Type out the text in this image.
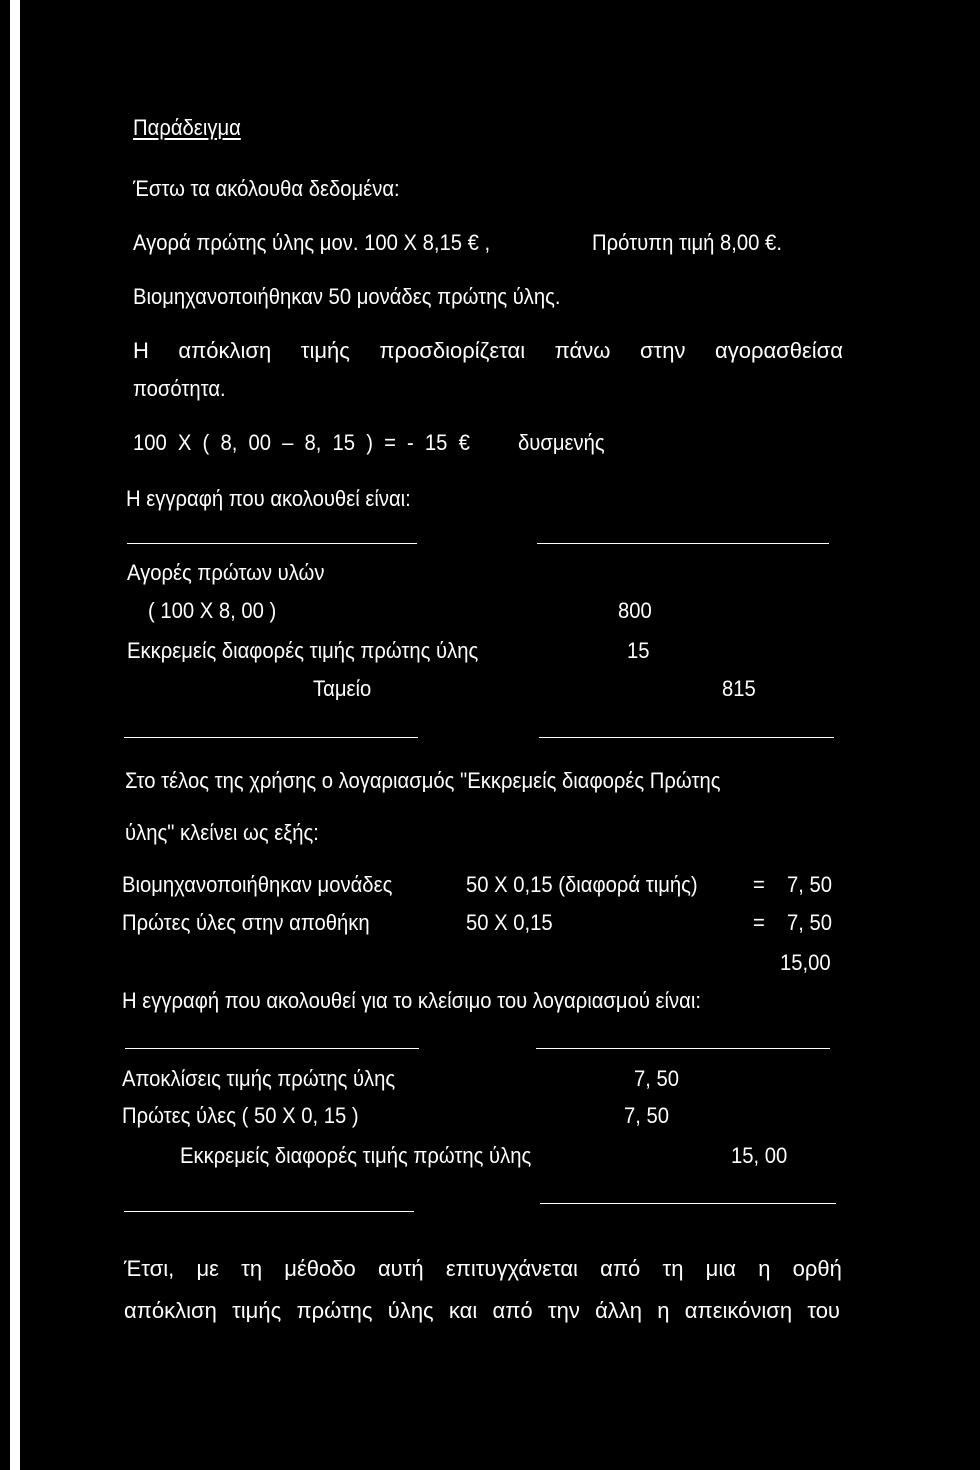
Παράδειγμα
Έστω τα ακόλουθα δεδομένα:
Αγορά πρώτης ύλης μον. 100 Χ 8,15 € ,	Πρότυπη τιμή 8,00 €.
Βιομηχανοποιήθηκαν 50 μονάδες πρώτης ύλης.
Η απόκλιση τιμής προσδιορίζεται πάνω στην αγορασθείσα
ποσότητα.
100 Χ ( 8, 00 – 8, 15 ) = - 15 € δυσμενής
Η εγγραφή που ακολουθεί είναι:
Αγορές πρώτων υλών
( 100 Χ 8, 00 )	800
Εκκρεμείς διαφορές τιμής πρώτης ύλης	15
Ταμείο	815
Στο τέλος της χρήσης ο λογαριασμός "Εκκρεμείς διαφορές Πρώτης
ύλης" κλείνει ως εξής:
Βιομηχανοποιήθηκαν μονάδες	50 Χ 0,15 (διαφορά τιμής)	= 7, 50
Πρώτες ύλες στην αποθήκη	50 Χ 0,15	= 7, 50
15,00
Η εγγραφή που ακολουθεί για το κλείσιμο του λογαριασμού είναι:
Αποκλίσεις τιμής πρώτης ύλης	7, 50
Πρώτες ύλες ( 50 Χ 0, 15 )	7, 50
Εκκρεμείς διαφορές τιμής πρώτης ύλης	15, 00
Έτσι, με τη μέθοδο αυτή επιτυγχάνεται από τη μια η ορθή
απόκλιση τιμής πρώτης ύλης και από την άλλη η απεικόνιση του
